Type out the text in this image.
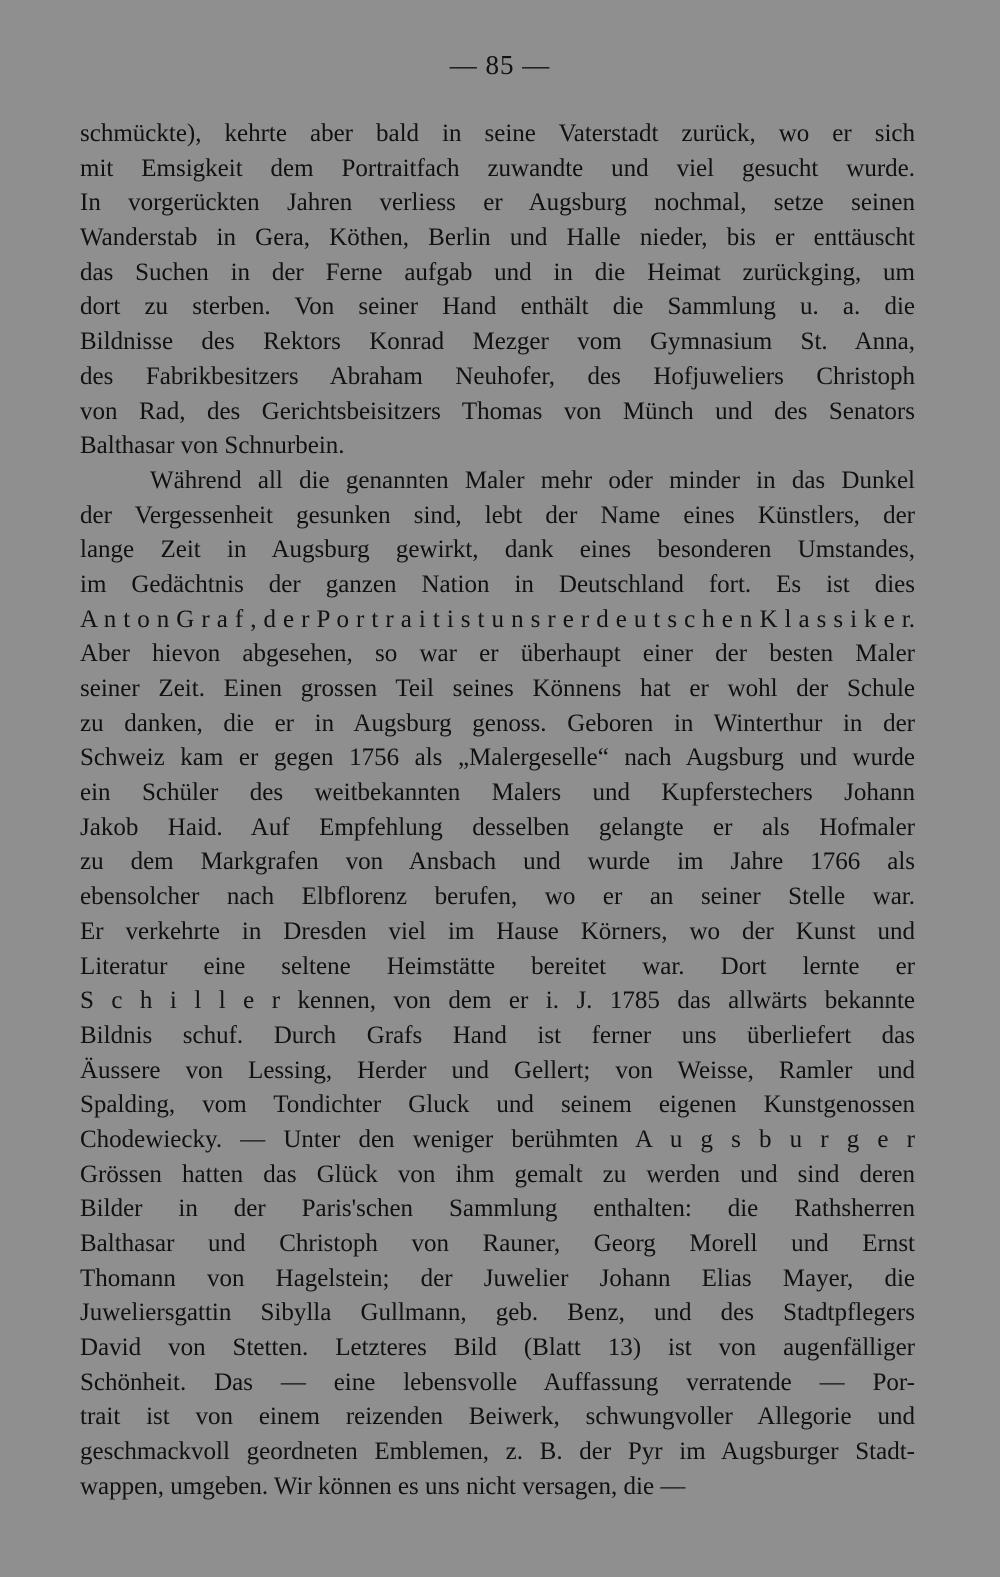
— 85 —
schmückte), kehrte aber bald in seine Vaterstadt zurück, wo er sich
mit Emsigkeit dem Portraitfach zuwandte und viel gesucht wurde.
In vorgerückten Jahren verliess er Augsburg nochmal, setze seinen
Wanderstab in Gera, Köthen, Berlin und Halle nieder, bis er enttäuscht
das Suchen in der Ferne aufgab und in die Heimat zurückging, um
dort zu sterben. Von seiner Hand enthält die Sammlung u. a. die
Bildnisse des Rektors Konrad Mezger vom Gymnasium St. Anna,
des Fabrikbesitzers Abraham Neuhofer, des Hofjuweliers Christoph
von Rad, des Gerichtsbeisitzers Thomas von Münch und des Senators
Balthasar von Schnurbein.
Während all die genannten Maler mehr oder minder in das Dunkel
der Vergessenheit gesunken sind, lebt der Name eines Künstlers, der
lange Zeit in Augsburg gewirkt, dank eines besonderen Umstandes,
im Gedächtnis der ganzen Nation in Deutschland fort. Es ist dies
A n t o n G r a f , d e r P o r t r a i t i s t u n s r e r d e u t s c h e n K l a s s i k e r.
Aber hievon abgesehen, so war er überhaupt einer der besten Maler
seiner Zeit. Einen grossen Teil seines Könnens hat er wohl der Schule
zu danken, die er in Augsburg genoss. Geboren in Winterthur in der
Schweiz kam er gegen 1756 als „Malergeselle“ nach Augsburg und wurde
ein Schüler des weitbekannten Malers und Kupferstechers Johann
Jakob Haid. Auf Empfehlung desselben gelangte er als Hofmaler
zu dem Markgrafen von Ansbach und wurde im Jahre 1766 als
ebensolcher nach Elbflorenz berufen, wo er an seiner Stelle war.
Er verkehrte in Dresden viel im Hause Körners, wo der Kunst und
Literatur eine seltene Heimstätte bereitet war. Dort lernte er
S c h i l l e r kennen, von dem er i. J. 1785 das allwärts bekannte
Bildnis schuf. Durch Grafs Hand ist ferner uns überliefert das
Äussere von Lessing, Herder und Gellert; von Weisse, Ramler und
Spalding, vom Tondichter Gluck und seinem eigenen Kunstgenossen
Chodewiecky. — Unter den weniger berühmten A u g s b u r g e r
Grössen hatten das Glück von ihm gemalt zu werden und sind deren
Bilder in der Paris'schen Sammlung enthalten: die Rathsherren
Balthasar und Christoph von Rauner, Georg Morell und Ernst
Thomann von Hagelstein; der Juwelier Johann Elias Mayer, die
Juweliersgattin Sibylla Gullmann, geb. Benz, und des Stadtpflegers
David von Stetten. Letzteres Bild (Blatt 13) ist von augenfälliger
Schönheit. Das — eine lebensvolle Auffassung verratende — Por-
trait ist von einem reizenden Beiwerk, schwungvoller Allegorie und
geschmackvoll geordneten Emblemen, z. B. der Pyr im Augsburger Stadt-
wappen, umgeben. Wir können es uns nicht versagen, die —
